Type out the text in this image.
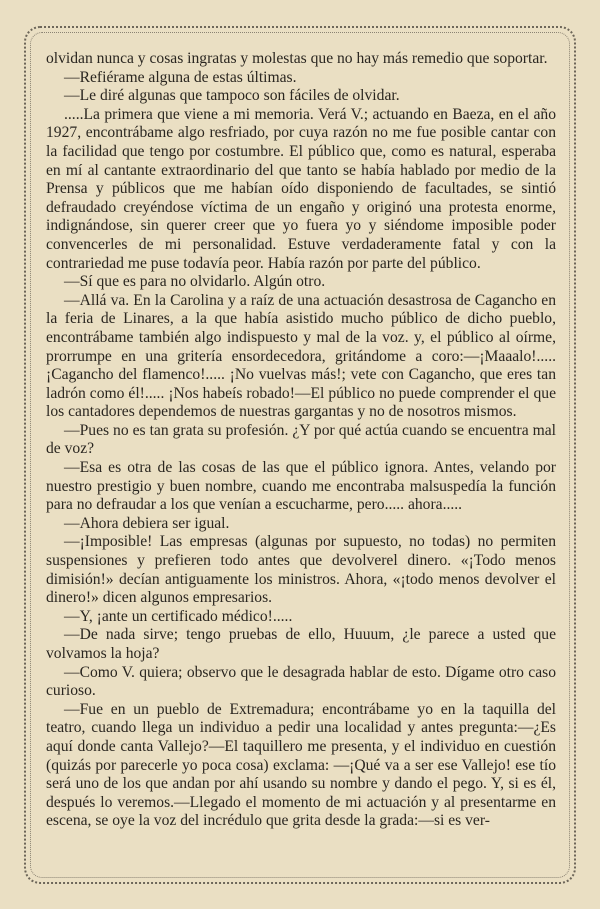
olvidan nunca y cosas ingratas y molestas que no hay más remedio que soportar.

—Refiérame alguna de estas últimas.

—Le diré algunas que tampoco son fáciles de olvidar.

.....La primera que viene a mi memoria. Verá V.; actuando en Baeza, en el año 1927, encontrábame algo resfriado, por cuya razón no me fue posible cantar con la facilidad que tengo por costumbre. El público que, como es natural, esperaba en mí al cantante extraordinario del que tanto se había hablado por medio de la Prensa y públicos que me habían oído disponiendo de facultades, se sintió defraudado creyéndose víctima de un engaño y originó una protesta enorme, indignándose, sin querer creer que yo fuera yo y siéndome imposible poder convencerles de mi personalidad. Estuve verdaderamente fatal y con la contrariedad me puse todavía peor. Había razón por parte del público.

—Sí que es para no olvidarlo. Algún otro.

—Allá va. En la Carolina y a raíz de una actuación desastrosa de Cagancho en la feria de Linares, a la que había asistido mucho público de dicho pueblo, encontrábame también algo indispuesto y mal de la voz. y, el público al oírme, prorrumpe en una gritería ensordecedora, gritándome a coro:—¡Maaalo!..... ¡Cagancho del flamenco!..... ¡No vuelvas más!; vete con Cagancho, que eres tan ladrón como él!..... ¡Nos habeís robado!—El público no puede comprender el que los cantadores dependemos de nuestras gargantas y no de nosotros mismos.

—Pues no es tan grata su profesión. ¿Y por qué actúa cuando se encuentra mal de voz?

—Esa es otra de las cosas de las que el público ignora. Antes, velando por nuestro prestigio y buen nombre, cuando me encontraba malsuspedía la función para no defraudar a los que venían a escucharme, pero..... ahora.....

—Ahora debiera ser igual.

—¡Imposible! Las empresas (algunas por supuesto, no todas) no permiten suspensiones y prefieren todo antes que devolverel dinero. «¡Todo menos dimisión!» decían antiguamente los ministros. Ahora, «¡todo menos devolver el dinero!» dicen algunos empresarios.

—Y, ¡ante un certificado médico!.....

—De nada sirve; tengo pruebas de ello, Huuum, ¿le parece a usted que volvamos la hoja?

—Como V. quiera; observo que le desagrada hablar de esto. Dígame otro caso curioso.

—Fue en un pueblo de Extremadura; encontrábame yo en la taquilla del teatro, cuando llega un individuo a pedir una localidad y antes pregunta:—¿Es aquí donde canta Vallejo?—El taquillero me presenta, y el individuo en cuestión (quizás por parecerle yo poca cosa) exclama: —¡Qué va a ser ese Vallejo! ese tío será uno de los que andan por ahí usando su nombre y dando el pego. Y, si es él, después lo veremos.—Llegado el momento de mi actuación y al presentarme en escena, se oye la voz del incrédulo que grita desde la grada:—si es ver-
